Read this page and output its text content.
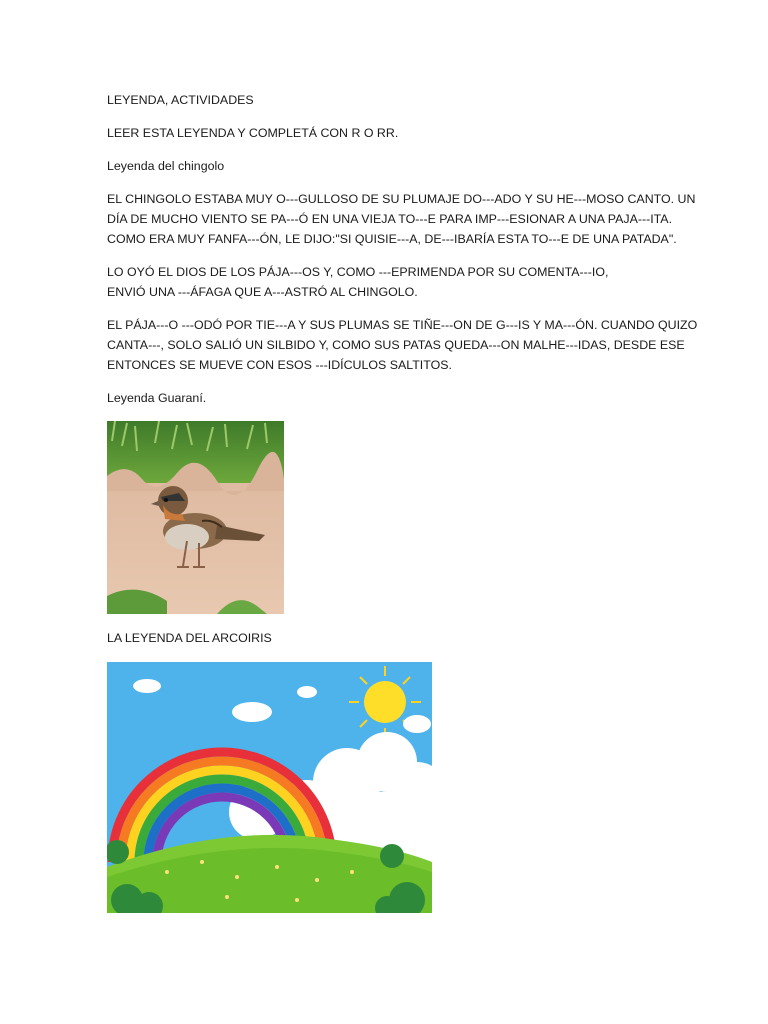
LEYENDA, ACTIVIDADES

LEER ESTA LEYENDA Y COMPLETÁ CON R O RR.

Leyenda del chingolo

EL CHINGOLO ESTABA MUY O---GULLOSO DE SU PLUMAJE DO---ADO Y SU HE---MOSO CANTO. UN
DÍA DE MUCHO VIENTO SE PA---Ó EN UNA VIEJA TO---E PARA IMP---ESIONAR A UNA PAJA---ITA.
COMO ERA MUY FANFA---ÓN, LE DIJO:"SI QUISIE---A, DE---IBARÍA ESTA TO---E DE UNA PATADA".
LO OYÓ EL DIOS DE LOS PÁJA---OS Y, COMO ---EPRIMENDA POR SU COMENTA---IO,
ENVIÓ UNA ---ÁFAGA QUE A---ASTRÓ AL CHINGOLO.
EL PÁJA---O ---ODÓ POR TIE---A Y SUS PLUMAS SE TIÑE---ON DE G---IS Y MA---ÓN. CUANDO QUIZO
CANTA---, SOLO SALIÓ UN SILBIDO Y, COMO SUS PATAS QUEDA---ON MALHE---IDAS, DESDE ESE
ENTONCES SE MUEVE CON ESOS ---IDÍCULOS SALTITOS.

Leyenda Guaraní.

LA LEYENDA DEL ARCOIRIS
